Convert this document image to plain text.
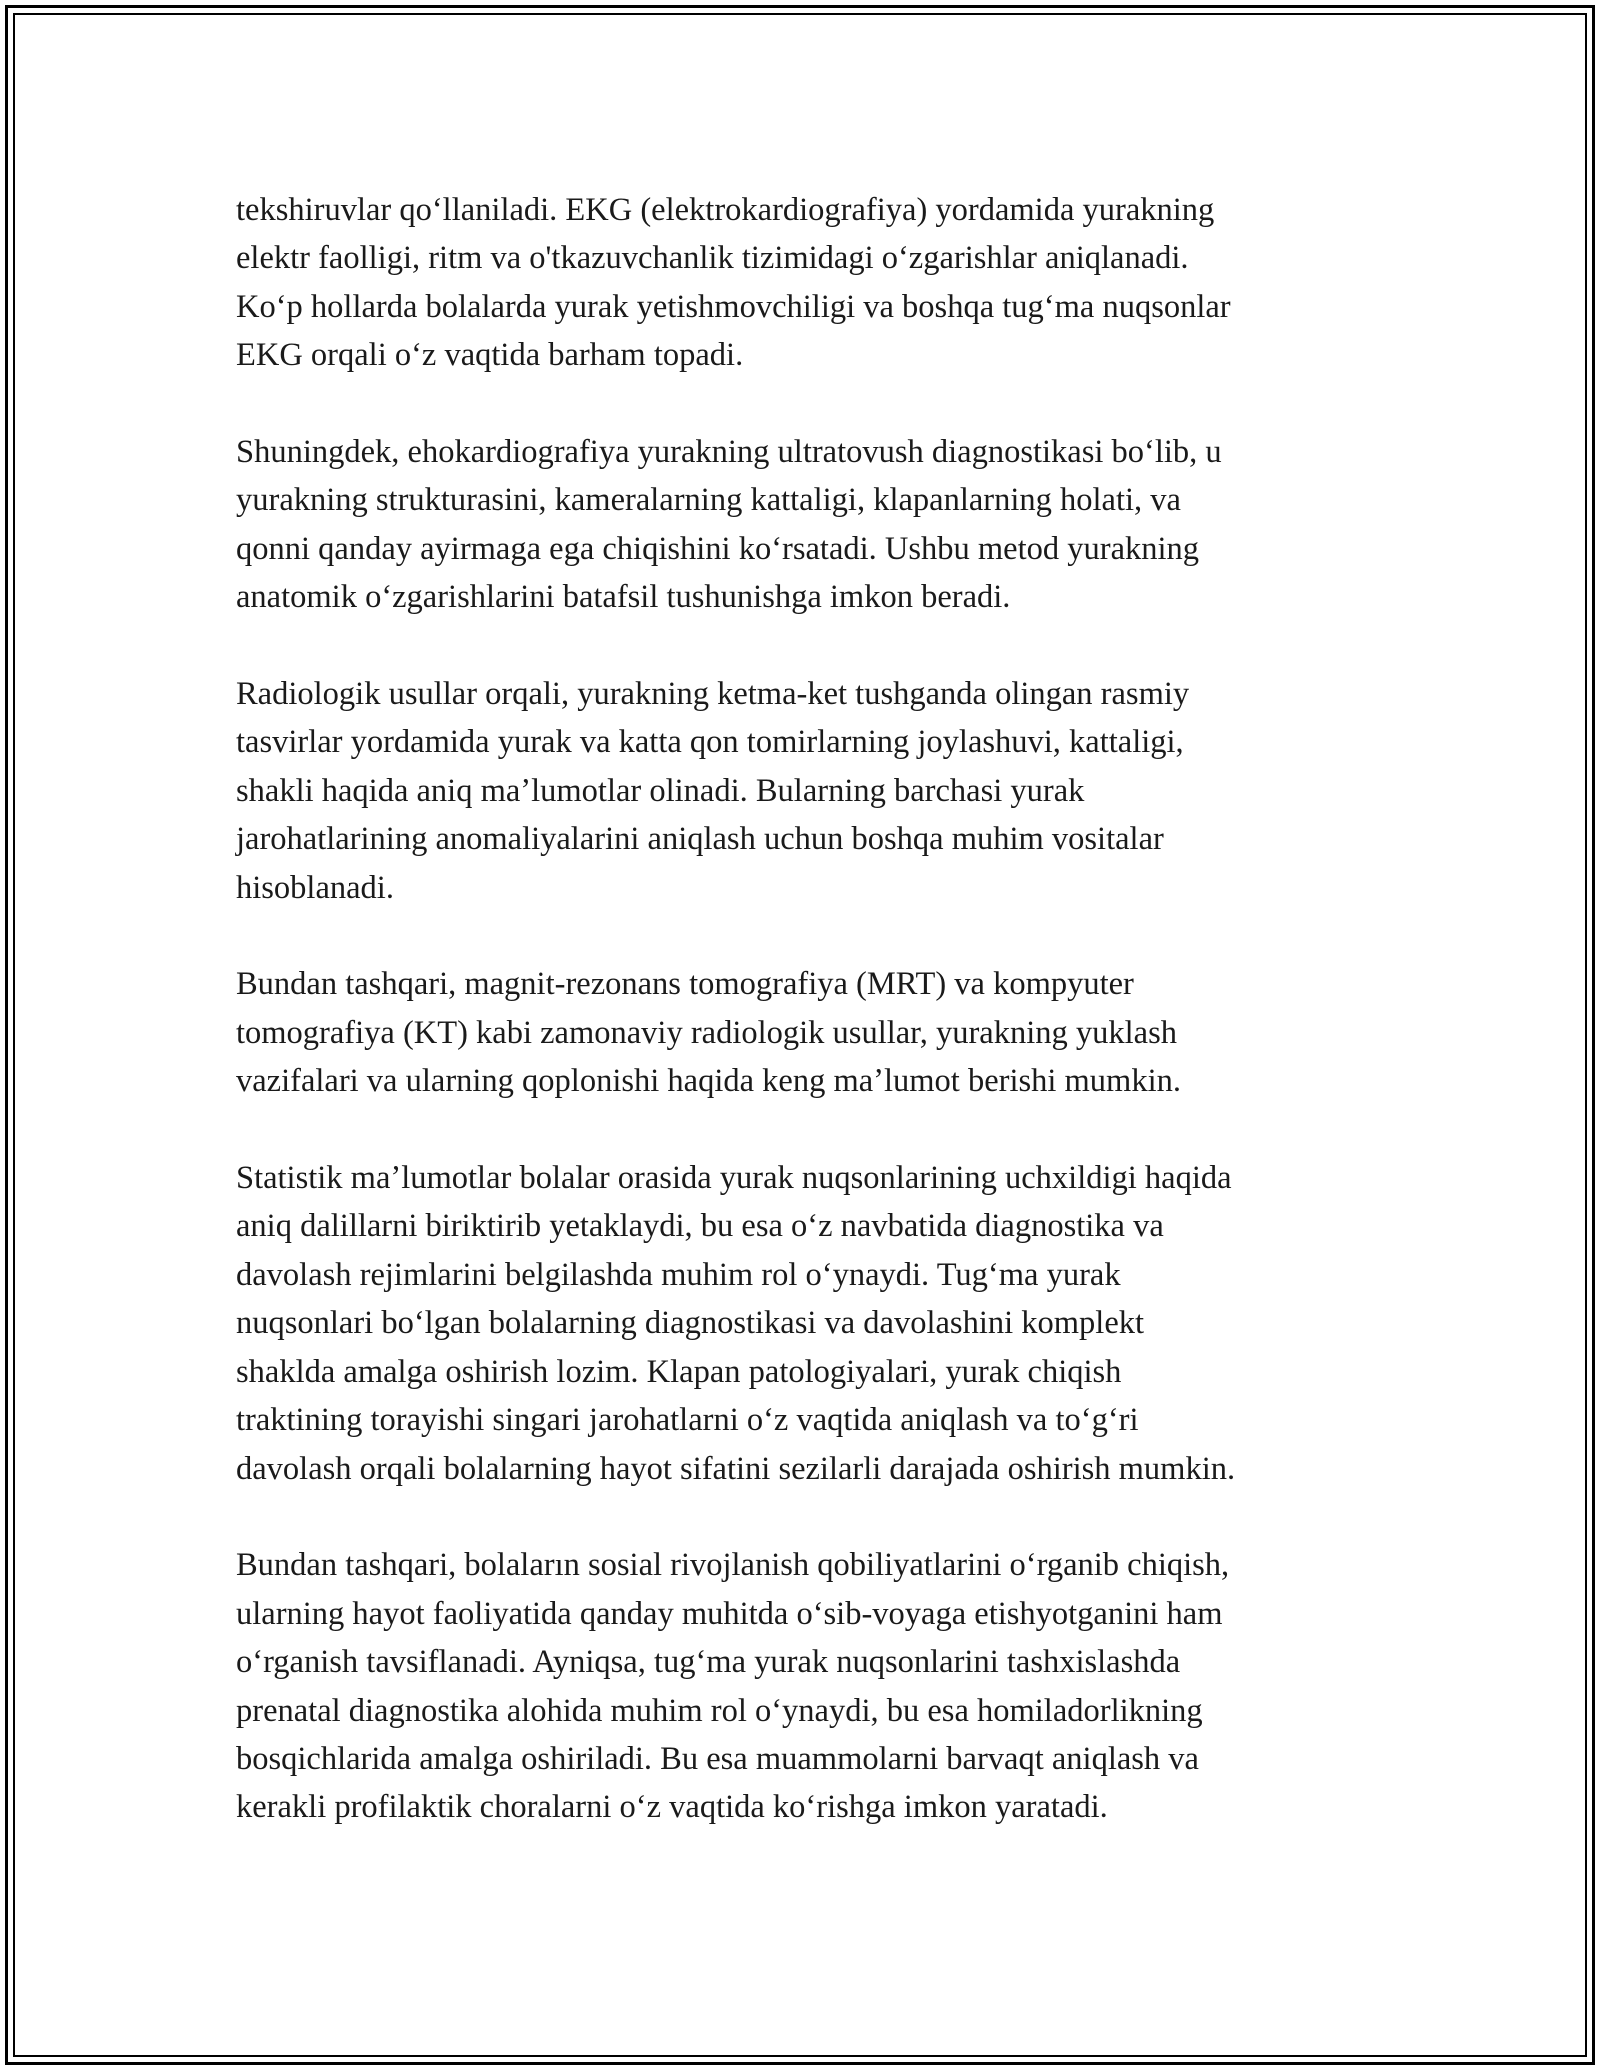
tekshiruvlar qoʻllaniladi. EKG (elektrokardiografiya) yordamida yurakning
elektr faolligi, ritm va o'tkazuvchanlik tizimidagi oʻzgarishlar aniqlanadi.
Koʻp hollarda bolalarda yurak yetishmovchiligi va boshqa tugʻma nuqsonlar
EKG orqali oʻz vaqtida barham topadi.

Shuningdek, ehokardiografiya yurakning ultratovush diagnostikasi boʻlib, u
yurakning strukturasini, kameralarning kattaligi, klapanlarning holati, va
qonni qanday ayirmaga ega chiqishini koʻrsatadi. Ushbu metod yurakning
anatomik oʻzgarishlarini batafsil tushunishga imkon beradi.

Radiologik usullar orqali, yurakning ketma-ket tushganda olingan rasmiy
tasvirlar yordamida yurak va katta qon tomirlarning joylashuvi, kattaligi,
shakli haqida aniq maʼlumotlar olinadi. Bularning barchasi yurak
jarohatlarining anomaliyalarini aniqlash uchun boshqa muhim vositalar
hisoblanadi.

Bundan tashqari, magnit-rezonans tomografiya (MRT) va kompyuter
tomografiya (KT) kabi zamonaviy radiologik usullar, yurakning yuklash
vazifalari va ularning qoplonishi haqida keng maʼlumot berishi mumkin.

Statistik maʼlumotlar bolalar orasida yurak nuqsonlarining uchxildigi haqida
aniq dalillarni biriktirib yetaklaydi, bu esa oʻz navbatida diagnostika va
davolash rejimlarini belgilashda muhim rol oʻynaydi. Tugʻma yurak
nuqsonlari boʻlgan bolalarning diagnostikasi va davolashini komplekt
shaklda amalga oshirish lozim. Klapan patologiyalari, yurak chiqish
traktining torayishi singari jarohatlarni oʻz vaqtida aniqlash va toʻgʻri
davolash orqali bolalarning hayot sifatini sezilarli darajada oshirish mumkin.

Bundan tashqari, bolaların sosial rivojlanish qobiliyatlarini oʻrganib chiqish,
ularning hayot faoliyatida qanday muhitda oʻsib-voyaga etishyotganini ham
oʻrganish tavsiflanadi. Ayniqsa, tugʻma yurak nuqsonlarini tashxislashda
prenatal diagnostika alohida muhim rol oʻynaydi, bu esa homiladorlikning
bosqichlarida amalga oshiriladi. Bu esa muammolarni barvaqt aniqlash va
kerakli profilaktik choralarni oʻz vaqtida koʻrishga imkon yaratadi.
